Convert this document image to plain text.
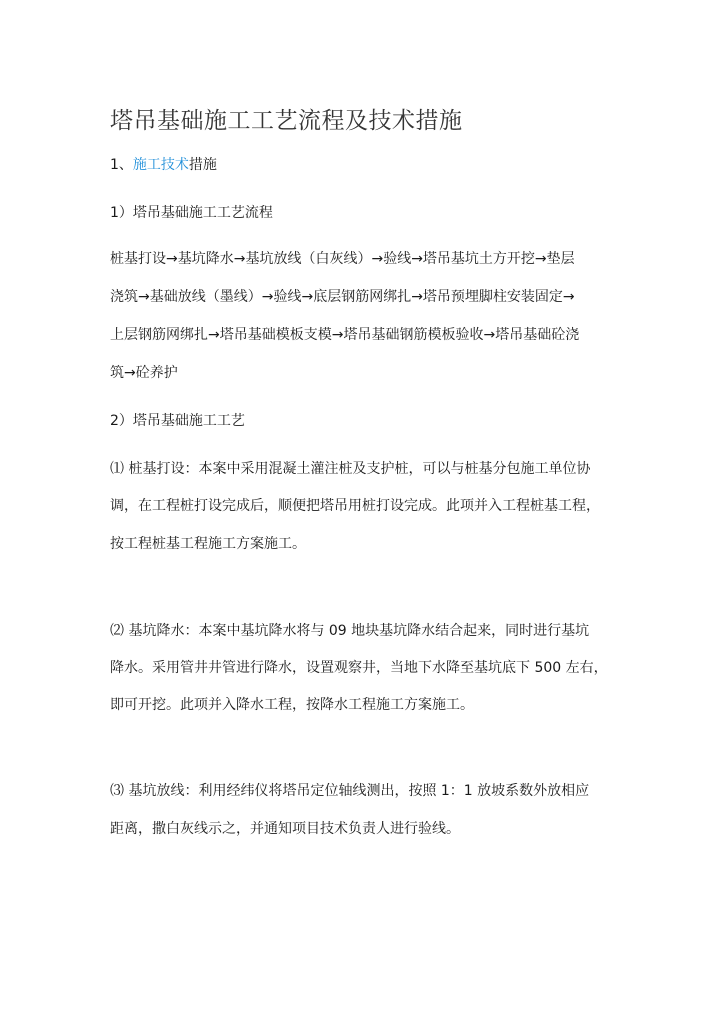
塔吊基础施工工艺流程及技术措施
1、施工技术措施
1）塔吊基础施工工艺流程
桩基打设→基坑降水→基坑放线（白灰线）→验线→塔吊基坑土方开挖→垫层
浇筑→基础放线（墨线）→验线→底层钢筋网绑扎→塔吊预埋脚柱安装固定→
上层钢筋网绑扎→塔吊基础模板支模→塔吊基础钢筋模板验收→塔吊基础砼浇
筑→砼养护
2）塔吊基础施工工艺
⑴ 桩基打设：本案中采用混凝土灌注桩及支护桩，可以与桩基分包施工单位协
调，在工程桩打设完成后，顺便把塔吊用桩打设完成。此项并入工程桩基工程，
按工程桩基工程施工方案施工。
⑵ 基坑降水：本案中基坑降水将与 09 地块基坑降水结合起来，同时进行基坑
降水。采用管井井管进行降水，设置观察井，当地下水降至基坑底下 500 左右，
即可开挖。此项并入降水工程，按降水工程施工方案施工。
⑶ 基坑放线：利用经纬仪将塔吊定位轴线测出，按照 1：1 放坡系数外放相应
距离，撒白灰线示之，并通知项目技术负责人进行验线。
